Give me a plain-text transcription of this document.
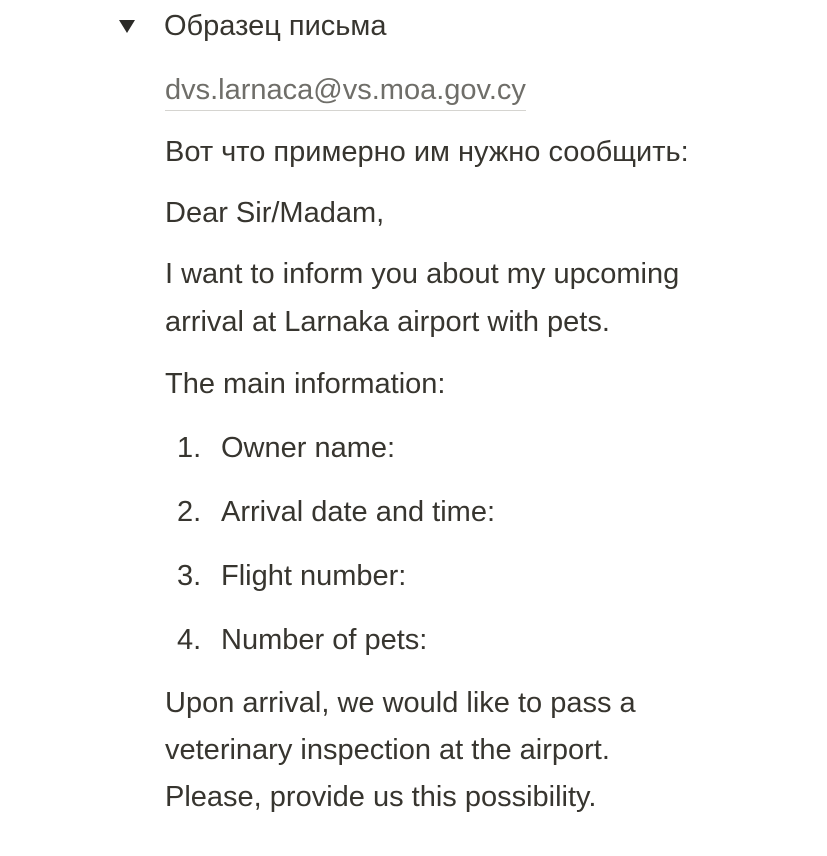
Образец письма
dvs.larnaca@vs.moa.gov.cy

Вот что примерно им нужно сообщить:

Dear Sir/Madam,

I want to inform you about my upcoming
arrival at Larnaka airport with pets.

The main information:

1. Owner name:
2. Arrival date and time:
3. Flight number:
4. Number of pets:
Upon arrival, we would like to pass a
veterinary inspection at the airport.
Please, provide us this possibility.
